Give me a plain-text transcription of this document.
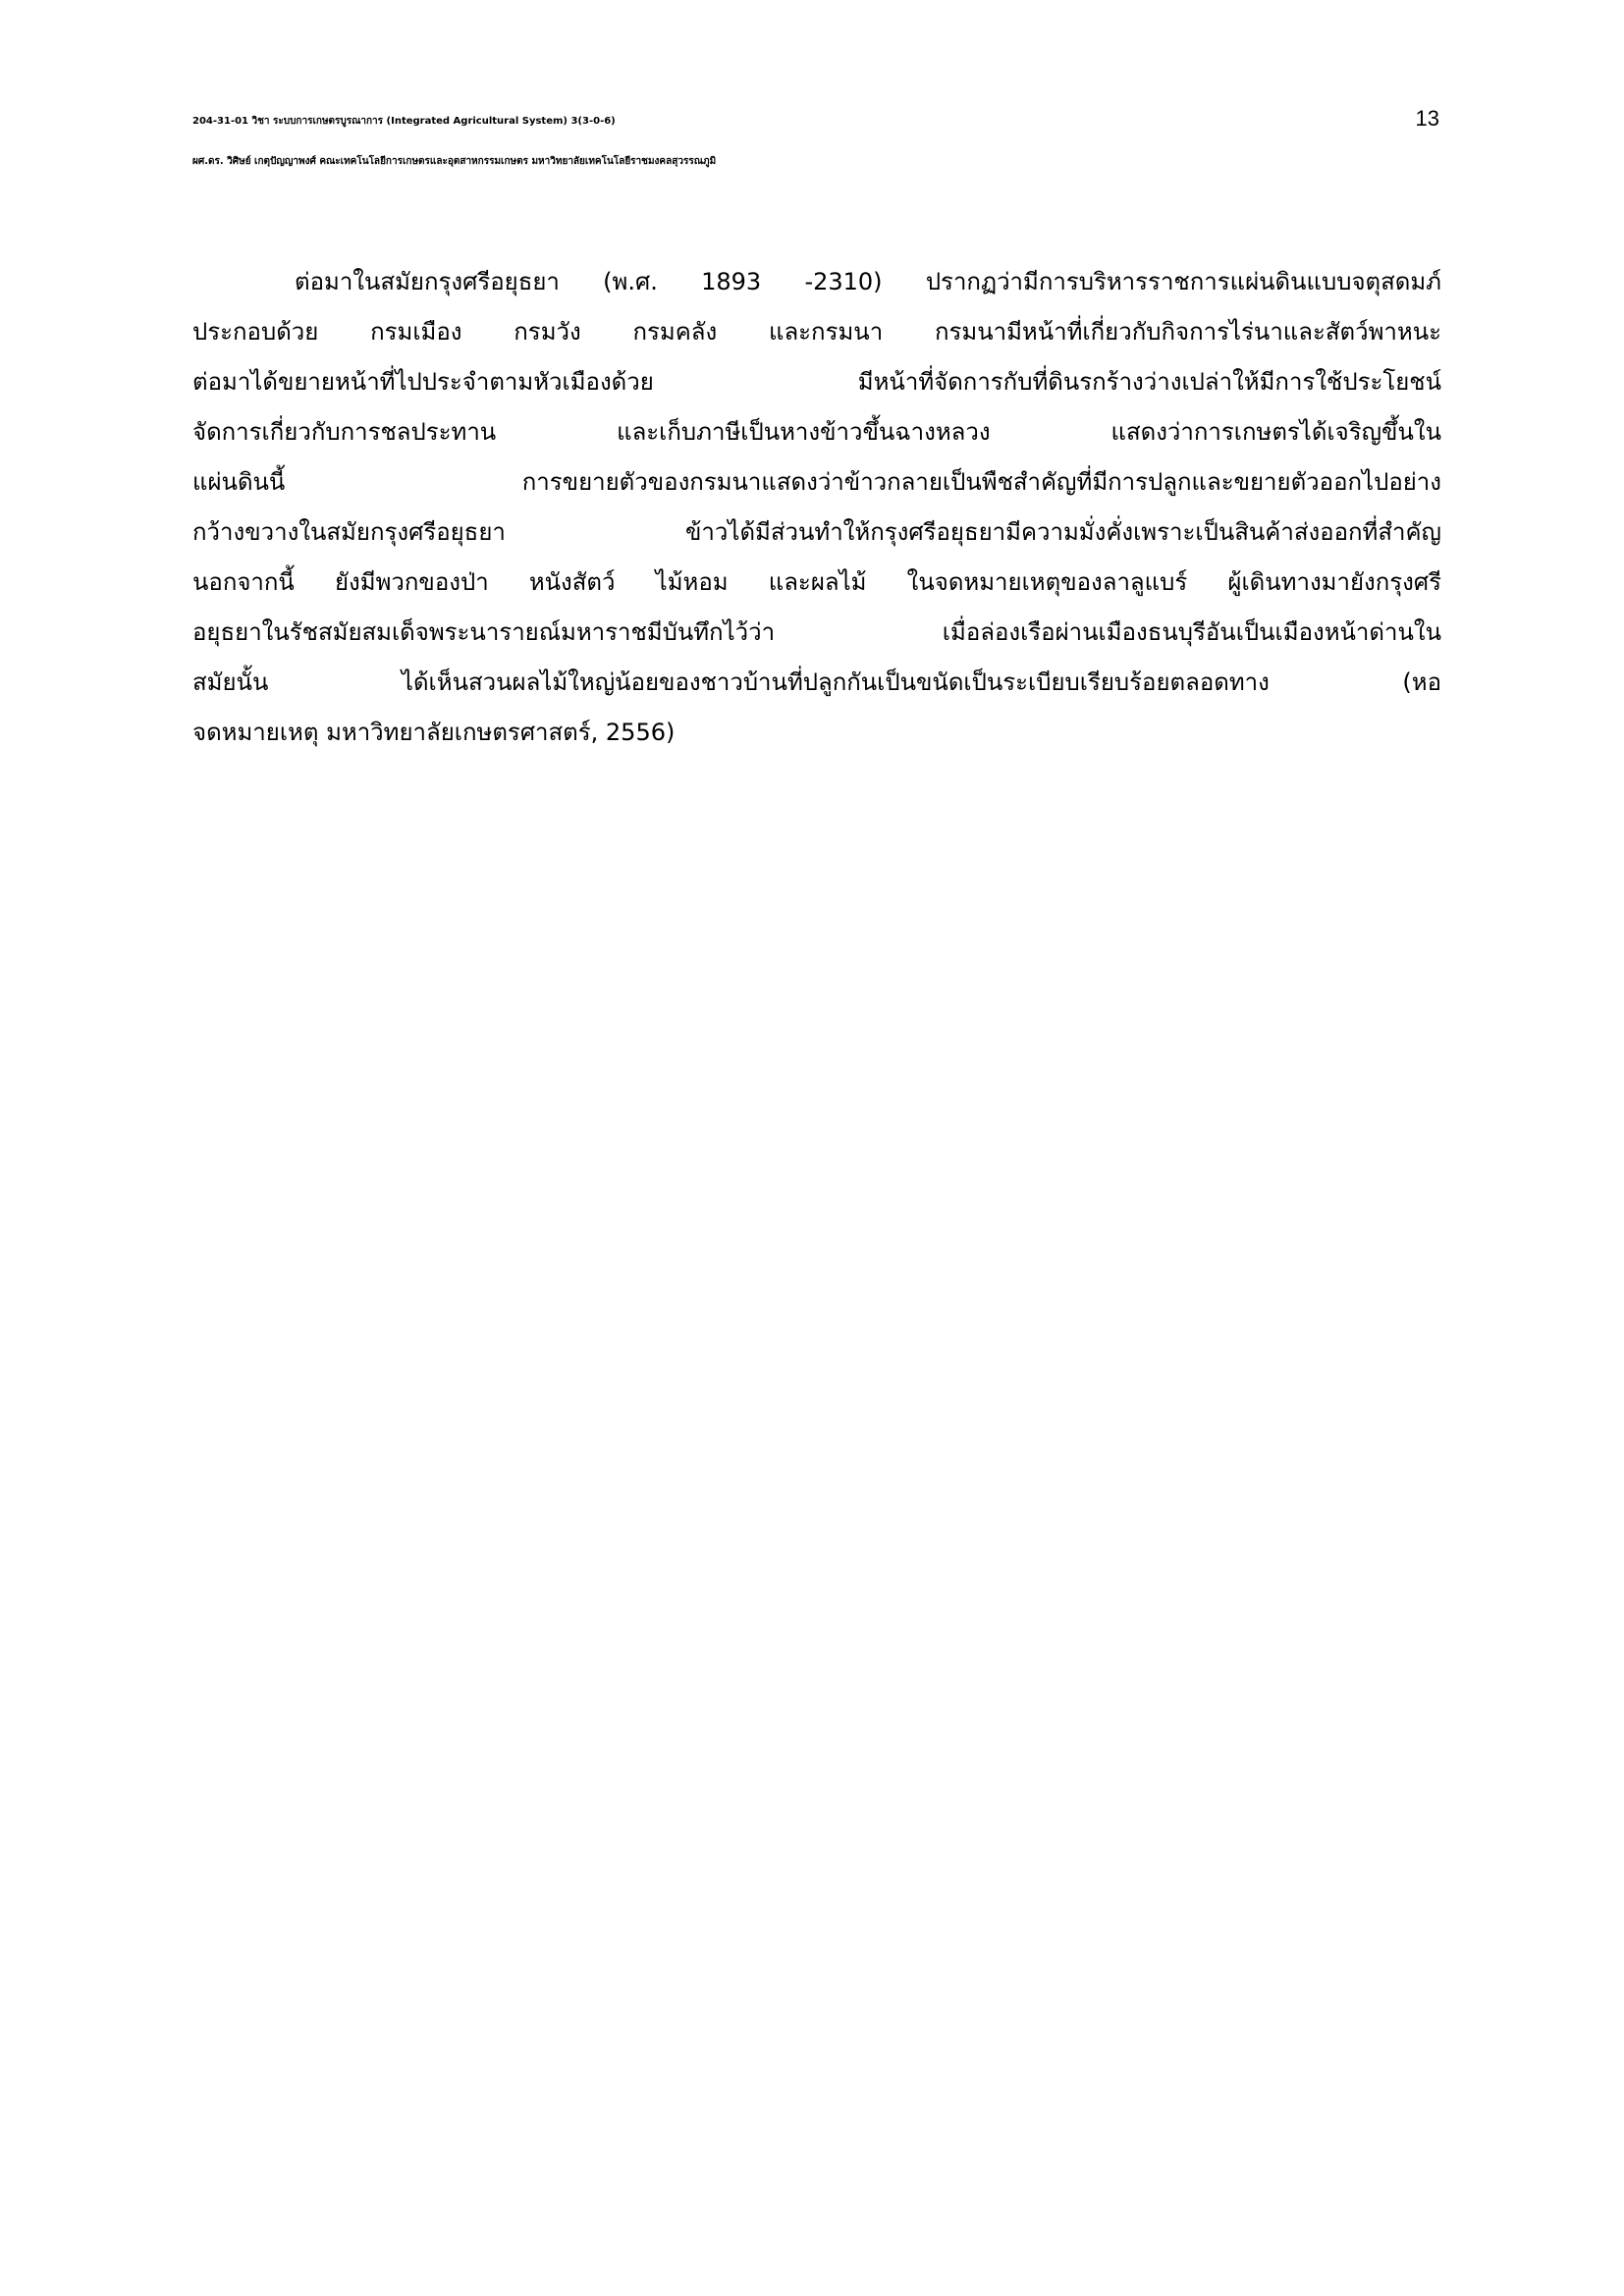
204-31-01 วิชา ระบบการเกษตรบูรณาการ (Integrated Agricultural System) 3(3-0-6)	13
ผศ.ดร. วิศิษย์ เกตุปัญญาพงศ์ คณะเทคโนโลยีการเกษตรและอุตสาหกรรมเกษตร มหาวิทยาลัยเทคโนโลยีราชมงคลสุวรรณภูมิ
ต่อมาในสมัยกรุงศรีอยุธยา (พ.ศ. 1893 -2310) ปรากฏว่ามีการบริหารราชการแผ่นดินแบบจตุสดมภ์
ประกอบด้วย กรมเมือง กรมวัง กรมคลัง และกรมนา กรมนามีหน้าที่เกี่ยวกับกิจการไร่นาและสัตว์พาหนะ
ต่อมาได้ขยายหน้าที่ไปประจำตามหัวเมืองด้วย มีหน้าที่จัดการกับที่ดินรกร้างว่างเปล่าให้มีการใช้ประโยชน์
จัดการเกี่ยวกับการชลประทาน และเก็บภาษีเป็นหางข้าวขึ้นฉางหลวง แสดงว่าการเกษตรได้เจริญขึ้นใน
แผ่นดินนี้ การขยายตัวของกรมนาแสดงว่าข้าวกลายเป็นพืชสำคัญที่มีการปลูกและขยายตัวออกไปอย่าง
กว้างขวางในสมัยกรุงศรีอยุธยา ข้าวได้มีส่วนทำให้กรุงศรีอยุธยามีความมั่งคั่งเพราะเป็นสินค้าส่งออกที่สำคัญ
นอกจากนี้ ยังมีพวกของป่า หนังสัตว์ ไม้หอม และผลไม้ ในจดหมายเหตุของลาลูแบร์ ผู้เดินทางมายังกรุงศรี
อยุธยาในรัชสมัยสมเด็จพระนารายณ์มหาราชมีบันทึกไว้ว่า เมื่อล่องเรือผ่านเมืองธนบุรีอันเป็นเมืองหน้าด่านใน
สมัยนั้น ได้เห็นสวนผลไม้ใหญ่น้อยของชาวบ้านที่ปลูกกันเป็นขนัดเป็นระเบียบเรียบร้อยตลอดทาง (หอ
จดหมายเหตุ มหาวิทยาลัยเกษตรศาสตร์, 2556)
